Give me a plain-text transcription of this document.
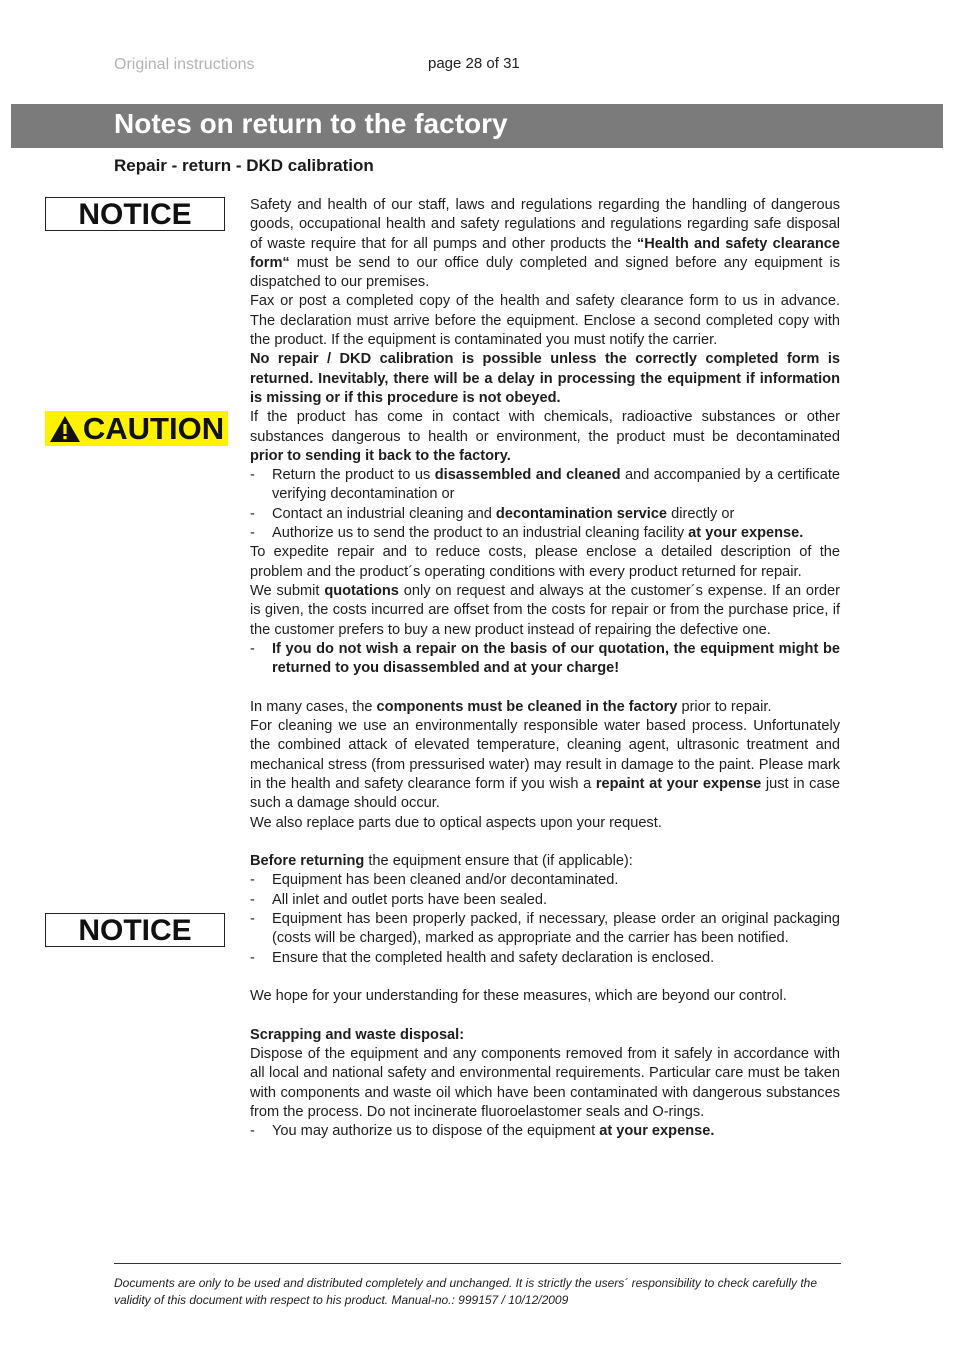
Original instructions	page 28 of 31
Notes on return to the factory
Repair - return - DKD calibration
NOTICE
CAUTION
NOTICE

Safety and health of our staff, laws and regulations regarding the handling of dangerous goods, occupational health and safety regulations and regulations regarding safe disposal of waste require that for all pumps and other products the “Health and safety clearance form“ must be send to our office duly completed and signed before any equipment is dispatched to our premises.

Fax or post a completed copy of the health and safety clearance form to us in advance. The declaration must arrive before the equipment. Enclose a second completed copy with the product. If the equipment is contaminated you must notify the carrier.

No repair / DKD calibration is possible unless the correctly completed form is returned. Inevitably, there will be a delay in processing the equipment if information is missing or if this procedure is not obeyed.

If the product has come in contact with chemicals, radioactive substances or other substances dangerous to health or environment, the product must be decontaminated prior to sending it back to the factory.

- Return the product to us disassembled and cleaned and accompanied by a certificate verifying decontamination or
- Contact an industrial cleaning and decontamination service directly or
- Authorize us to send the product to an industrial cleaning facility at your expense.

To expedite repair and to reduce costs, please enclose a detailed description of the problem and the product´s operating conditions with every product returned for repair.

We submit quotations only on request and always at the customer´s expense. If an order is given, the costs incurred are offset from the costs for repair or from the purchase price, if the customer prefers to buy a new product instead of repairing the defective one.

- If you do not wish a repair on the basis of our quotation, the equipment might be returned to you disassembled and at your charge!

In many cases, the components must be cleaned in the factory prior to repair.

For cleaning we use an environmentally responsible water based process. Unfortunately the combined attack of elevated temperature, cleaning agent, ultrasonic treatment and mechanical stress (from pressurised water) may result in damage to the paint. Please mark in the health and safety clearance form if you wish a repaint at your expense just in case such a damage should occur.

We also replace parts due to optical aspects upon your request.

Before returning the equipment ensure that (if applicable):

- Equipment has been cleaned and/or decontaminated.
- All inlet and outlet ports have been sealed.
- Equipment has been properly packed, if necessary, please order an original packaging (costs will be charged), marked as appropriate and the carrier has been notified.
- Ensure that the completed health and safety declaration is enclosed.

We hope for your understanding for these measures, which are beyond our control.

Scrapping and waste disposal:

Dispose of the equipment and any components removed from it safely in accordance with all local and national safety and environmental requirements. Particular care must be taken with components and waste oil which have been contaminated with dangerous substances from the process. Do not incinerate fluoroelastomer seals and O-rings.

- You may authorize us to dispose of the equipment at your expense.
Documents are only to be used and distributed completely and unchanged. It is strictly the users´ responsibility to check carefully the validity of this document with respect to his product. Manual-no.: 999157 / 10/12/2009
